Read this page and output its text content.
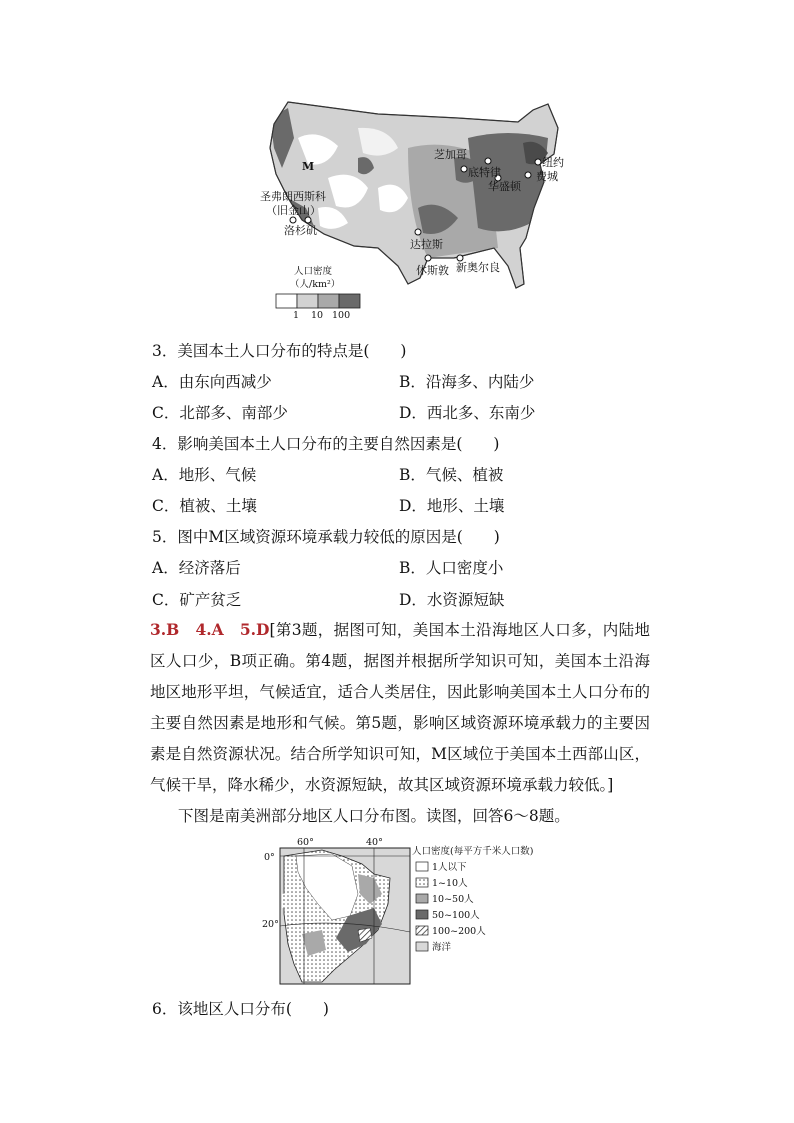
M
芝加哥
底特律
华盛顿
纽约
费城
圣弗朗西斯科
（旧金山）
洛杉矶
达拉斯
休斯敦 新奥尔良
人口密度
（人/km²）
1 10 100
3．美国本土人口分布的特点是(　　)
A．由东向西减少	B．沿海多、内陆少
C．北部多、南部少	D．西北多、东南少
4．影响美国本土人口分布的主要自然因素是(　　)
A．地形、气候	B．气候、植被
C．植被、土壤	D．地形、土壤
5．图中M区域资源环境承载力较低的原因是(　　)
A．经济落后	B．人口密度小
C．矿产贫乏	D．水资源短缺
3.B　4.A　5.D[第3题，据图可知，美国本土沿海地区人口多，内陆地区人口少，B项正确。第4题，据图并根据所学知识可知，美国本土沿海地区地形平坦，气候适宜，适合人类居住，因此影响美国本土人口分布的主要自然因素是地形和气候。第5题，影响区域资源环境承载力的主要因素是自然资源状况。结合所学知识可知，M区域位于美国本土西部山区，气候干旱，降水稀少，水资源短缺，故其区域资源环境承载力较低。]
下图是南美洲部分地区人口分布图。读图，回答6～8题。
60°	40°
0°
20°
人口密度(每平方千米人口数)
1人以下
1~10人
10~50人
50~100人
100~200人
海洋
6．该地区人口分布(　　)
